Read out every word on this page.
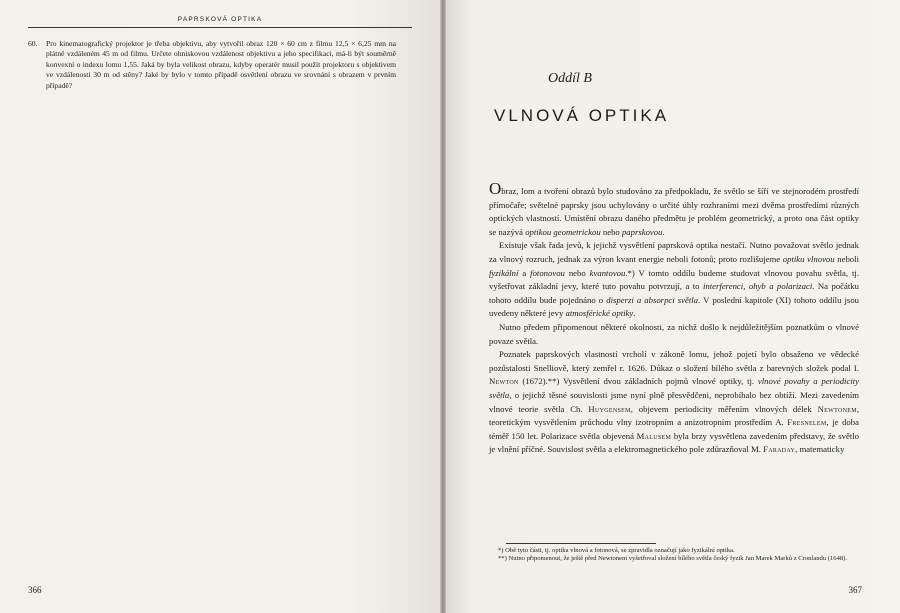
PAPRSKOVÁ OPTIKA
60. Pro kinematografický projektor je třeba objektivu, aby vytvořil obraz 120 × 60 cm z filmu 12,5 × 6,25 mm na plátně vzdáleném 45 m od filmu. Určete ohniskovou vzdálenost objektivu a jeho specifikaci, má-li být souměrně konvexní o indexu lomu 1,55. Jaká by byla velikost obrazu, kdyby operatér musil použít projektoru s objektivem ve vzdálenosti 30 m od stěny? Jaké by bylo v tomto případě osvětlení obrazu ve srovnání s obrazem v prvním případě?
366
Oddíl B
VLNOVÁ OPTIKA

Obraz, lom a tvoření obrazů bylo studováno za předpokladu, že světlo se šíří ve stejnorodém prostředí přímočaře; světelné paprsky jsou uchylovány o určité úhly rozhraními mezi dvěma prostředími různých optických vlastností. Umístění obrazu daného předmětu je problém geometrický, a proto ona část optiky se nazývá optikou geometrickou nebo paprskovou.

Existuje však řada jevů, k jejichž vysvětlení paprsková optika nestačí. Nutno považovat světlo jednak za vlnový rozruch, jednak za výron kvant energie neboli fotonů; proto rozlišujeme optiku vlnovou neboli fyzikální a fotonovou nebo kvantovou.*) V tomto oddílu budeme studovat vlnovou povahu světla, tj. vyšetřovat základní jevy, které tuto povahu potvrzují, a to interferenci, ohyb a polarizaci. Na počátku tohoto oddílu bude pojednáno o disperzi a absorpci světla. V poslední kapitole (XI) tohoto oddílu jsou uvedeny některé jevy atmosférické optiky.

Nutno předem připomenout některé okolnosti, za nichž došlo k nejdůležitějším poznatkům o vlnové povaze světla.

Poznatek paprskových vlastností vrcholí v zákoně lomu, jehož pojetí bylo obsaženo ve vědecké pozůstalosti Snelliově, který zemřel r. 1626. Důkaz o složení bílého světla z barevných složek podal I. Newton (1672).**) Vysvětlení dvou základních pojmů vlnové optiky, tj. vlnové povahy a periodicity světla, o jejichž těsné souvislosti jsme nyní plně přesvědčeni, neprobíhalo bez obtíží. Mezi zavedením vlnové teorie světla Ch. Huygensem, objevem periodicity měřením vlnových délek Newtonem, teoretickým vysvětlením průchodu vlny izotropním a anizotropním prostředím A. Fresnelem, je doba téměř 150 let. Polarizace světla objevená Malusem byla brzy vysvětlena zavedením představy, že světlo je vlnění příčné. Souvislost světla a elektromagnetického pole zdůrazňoval M. Faraday, matematicky

*) Obě tyto části, tj. optika vlnová a fotonová, se zpravidla označují jako fyzikální optika.
**) Nutno připomenout, že ještě před Newtonem vyšetřoval složení bílého světla český fyzik Jan Marek Marků z Cronlandu (1648).
367
